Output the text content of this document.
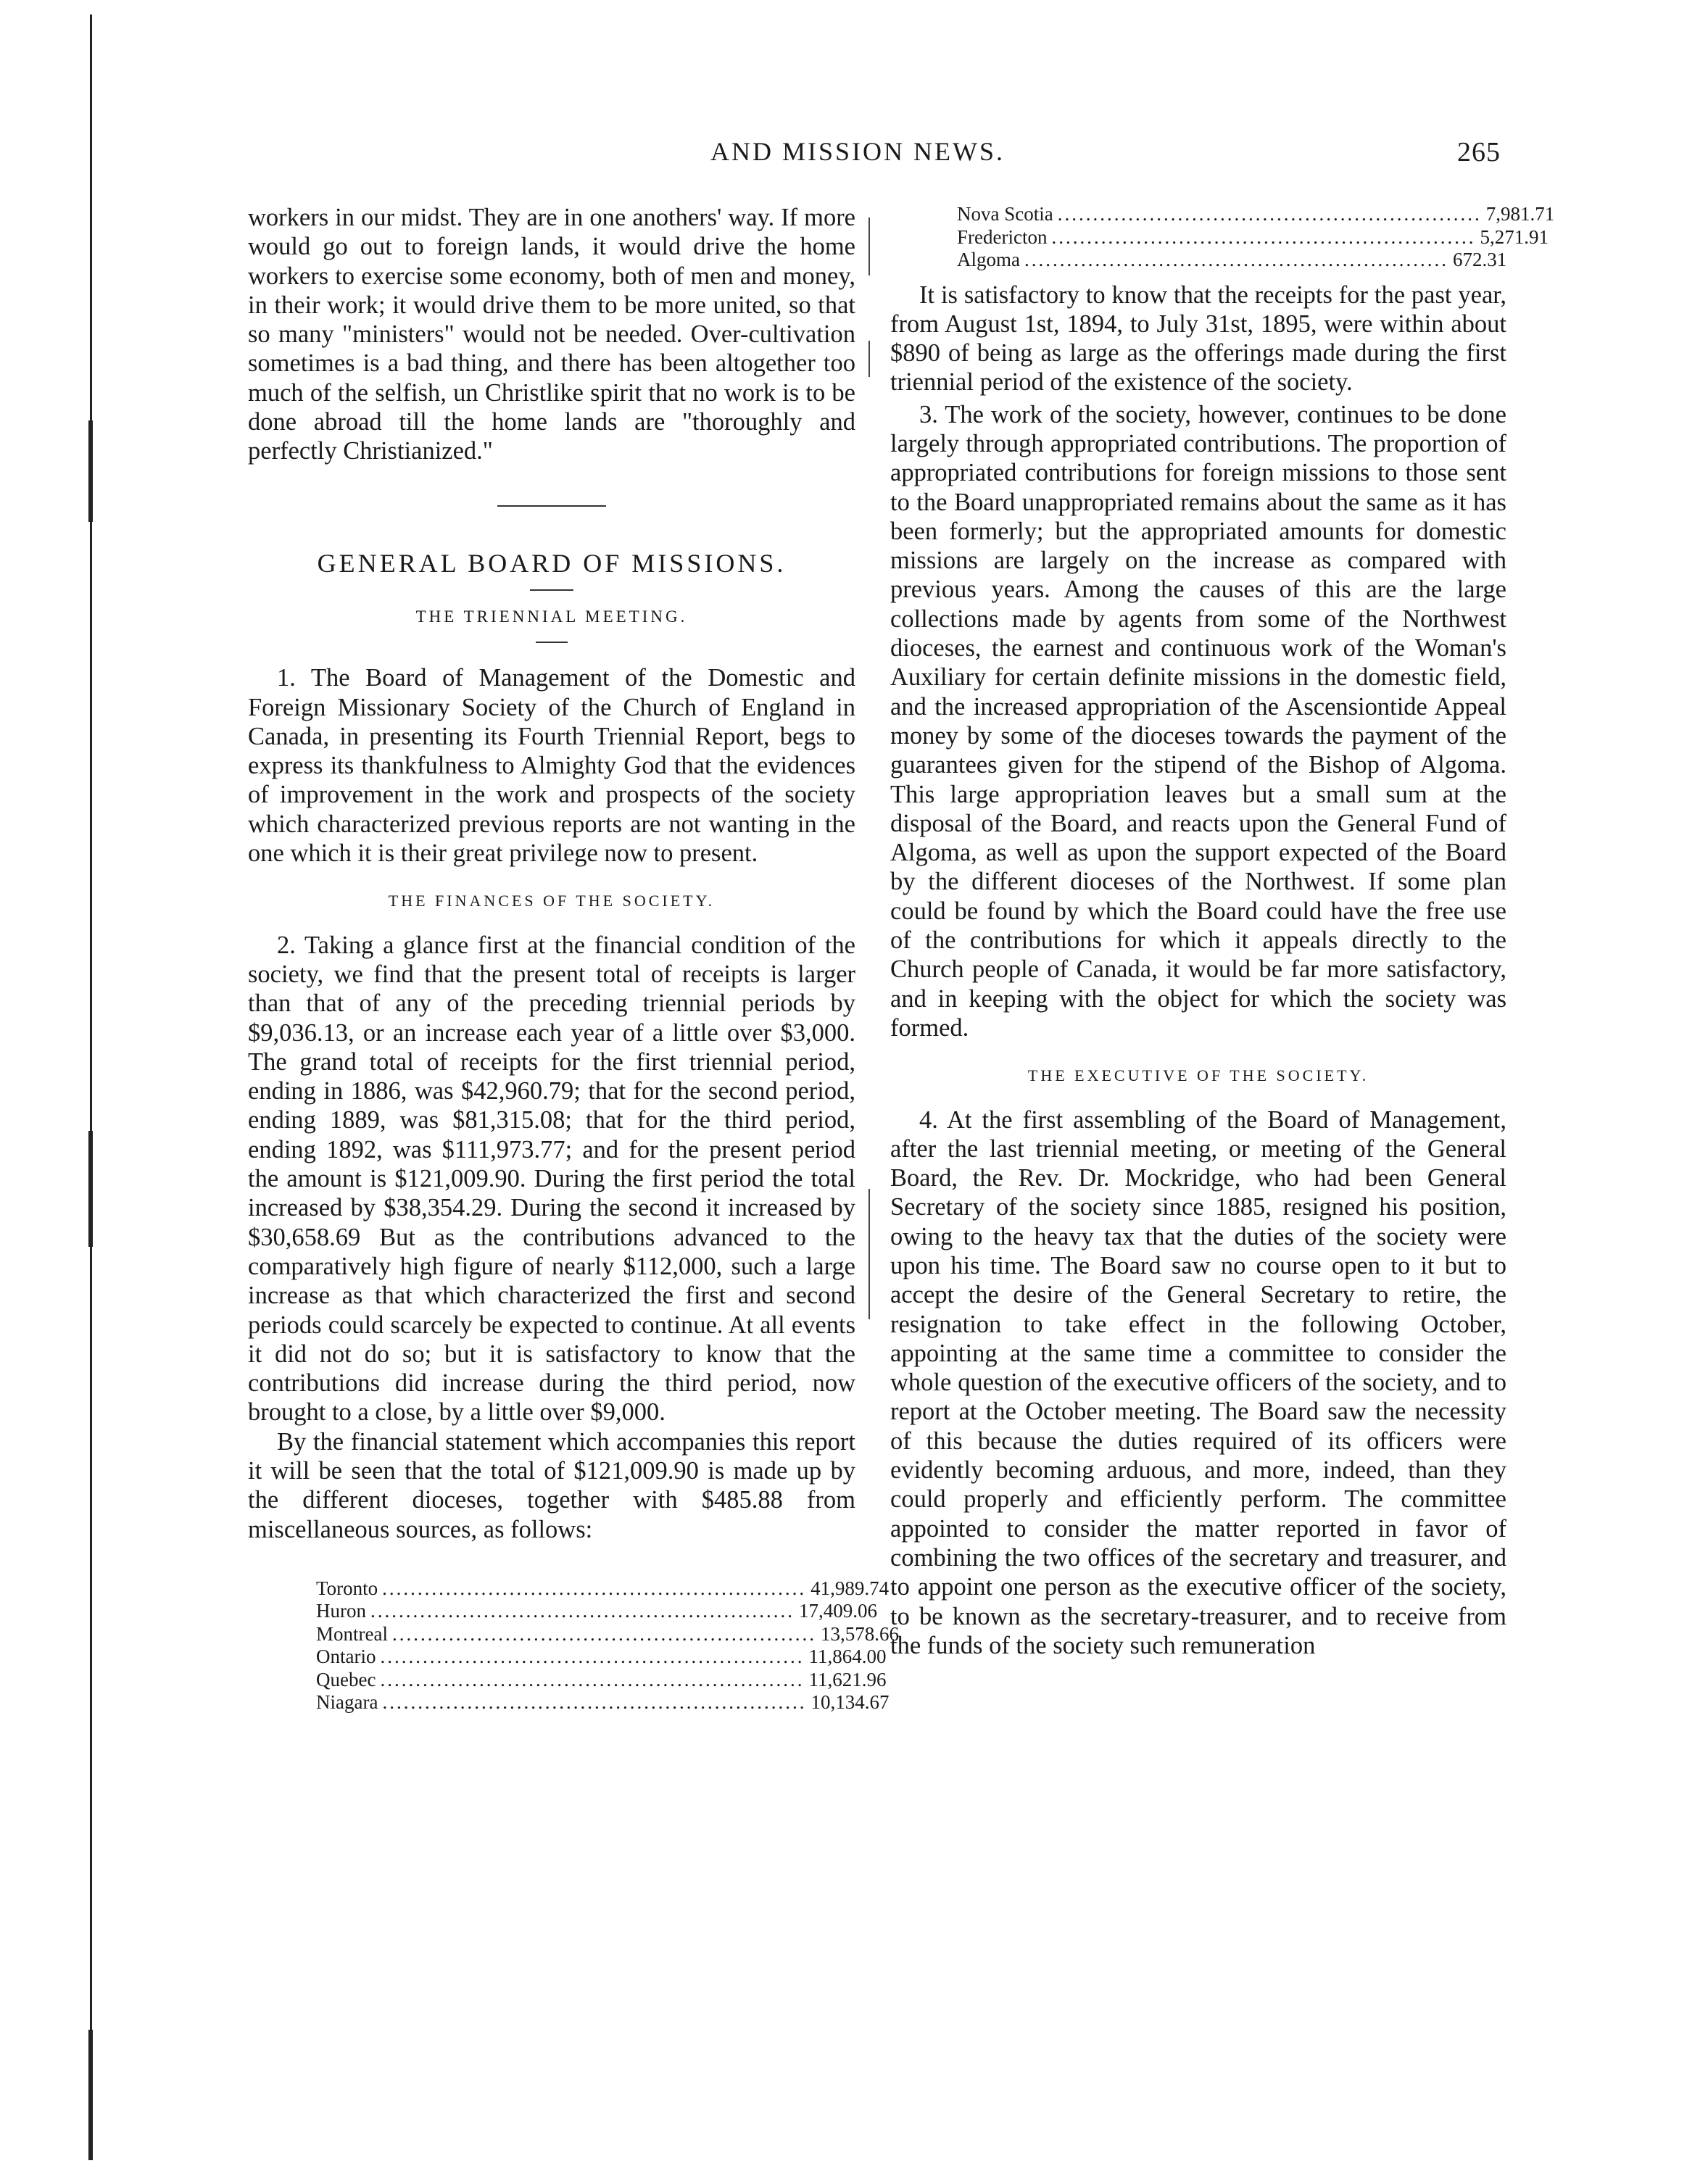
AND MISSION NEWS.	265

workers in our midst. They are in one anothers' way. If more would go out to foreign lands, it would drive the home workers to exercise some economy, both of men and money, in their work; it would drive them to be more united, so that so many "ministers" would not be needed. Over-cultivation sometimes is a bad thing, and there has been altogether too much of the selfish, un Christlike spirit that no work is to be done abroad till the home lands are "thoroughly and perfectly Christianized."

GENERAL BOARD OF MISSIONS.
THE TRIENNIAL MEETING.

1. The Board of Management of the Domestic and Foreign Missionary Society of the Church of England in Canada, in presenting its Fourth Triennial Report, begs to express its thankfulness to Almighty God that the evidences of improvement in the work and prospects of the society which characterized previous reports are not wanting in the one which it is their great privilege now to present.

THE FINANCES OF THE SOCIETY.

2. Taking a glance first at the financial condition of the society, we find that the present total of receipts is larger than that of any of the preceding triennial periods by $9,036.13, or an increase each year of a little over $3,000. The grand total of receipts for the first triennial period, ending in 1886, was $42,960.79; that for the second period, ending 1889, was $81,315.08; that for the third period, ending 1892, was $111,973.77; and for the present period the amount is $121,009.90. During the first period the total increased by $38,354.29. During the second it increased by $30,658.69 But as the contributions advanced to the comparatively high figure of nearly $112,000, such a large increase as that which characterized the first and second periods could scarcely be expected to continue. At all events it did not do so; but it is satisfactory to know that the contributions did increase during the third period, now brought to a close, by a little over $9,000.

By the financial statement which accompanies this report it will be seen that the total of $121,009.90 is made up by the different dioceses, together with $485.88 from miscellaneous sources, as follows:

Toronto ............................................................ 41,989.74
Huron ............................................................ 17,409.06
Montreal ............................................................ 13,578.66
Ontario ............................................................ 11,864.00
Quebec ............................................................ 11,621.96
Niagara ............................................................ 10,134.67
Nova Scotia ............................................................ 7,981.71
Fredericton ............................................................ 5,271.91
Algoma ............................................................ 672.31

It is satisfactory to know that the receipts for the past year, from August 1st, 1894, to July 31st, 1895, were within about $890 of being as large as the offerings made during the first triennial period of the existence of the society.

3. The work of the society, however, continues to be done largely through appropriated contributions. The proportion of appropriated contributions for foreign missions to those sent to the Board unappropriated remains about the same as it has been formerly; but the appropriated amounts for domestic missions are largely on the increase as compared with previous years. Among the causes of this are the large collections made by agents from some of the Northwest dioceses, the earnest and continuous work of the Woman's Auxiliary for certain definite missions in the domestic field, and the increased appropriation of the Ascensiontide Appeal money by some of the dioceses towards the payment of the guarantees given for the stipend of the Bishop of Algoma. This large appropriation leaves but a small sum at the disposal of the Board, and reacts upon the General Fund of Algoma, as well as upon the support expected of the Board by the different dioceses of the Northwest. If some plan could be found by which the Board could have the free use of the contributions for which it appeals directly to the Church people of Canada, it would be far more satisfactory, and in keeping with the object for which the society was formed.

THE EXECUTIVE OF THE SOCIETY.

4. At the first assembling of the Board of Management, after the last triennial meeting, or meeting of the General Board, the Rev. Dr. Mockridge, who had been General Secretary of the society since 1885, resigned his position, owing to the heavy tax that the duties of the society were upon his time. The Board saw no course open to it but to accept the desire of the General Secretary to retire, the resignation to take effect in the following October, appointing at the same time a committee to consider the whole question of the executive officers of the society, and to report at the October meeting. The Board saw the necessity of this because the duties required of its officers were evidently becoming arduous, and more, indeed, than they could properly and efficiently perform. The committee appointed to consider the matter reported in favor of combining the two offices of the secretary and treasurer, and to appoint one person as the executive officer of the society, to be known as the secretary-treasurer, and to receive from the funds of the society such remuneration
